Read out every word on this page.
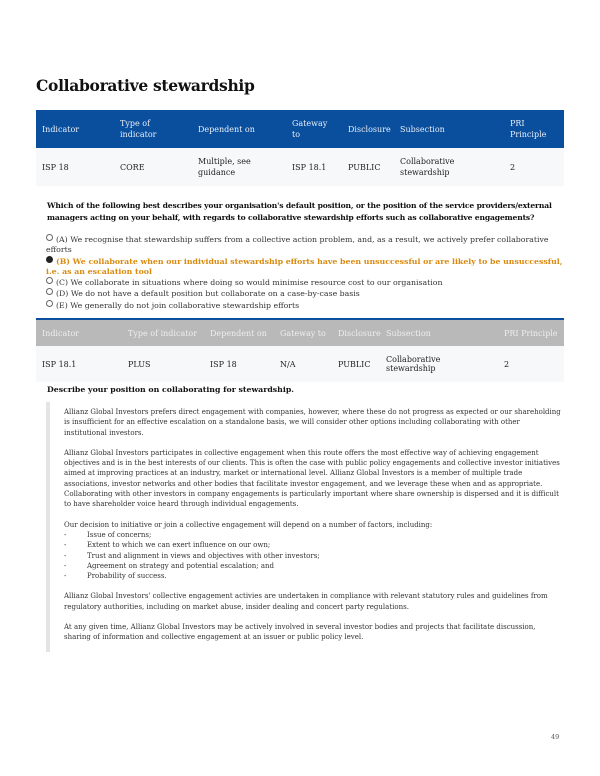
Collaborative stewardship
Indicator	Type of indicator	Dependent on	Gateway to	Disclosure	Subsection	PRI Principle
ISP 18	CORE	Multiple, see guidance	ISP 18.1	PUBLIC	Collaborative stewardship	2
Which of the following best describes your organisation's default position, or the position of the service providers/external managers acting on your behalf, with regards to collaborative stewardship efforts such as collaborative engagements?
(A) We recognise that stewardship suffers from a collective action problem, and, as a result, we actively prefer collaborative efforts
(B) We collaborate when our individual stewardship efforts have been unsuccessful or are likely to be unsuccessful, i.e. as an escalation tool
(C) We collaborate in situations where doing so would minimise resource cost to our organisation
(D) We do not have a default position but collaborate on a case-by-case basis
(E) We generally do not join collaborative stewardship efforts
Indicator	Type of indicator	Dependent on	Gateway to	Disclosure	Subsection	PRI Principle
ISP 18.1	PLUS	ISP 18	N/A	PUBLIC	Collaborative stewardship	2
Describe your position on collaborating for stewardship.

Allianz Global Investors prefers direct engagement with companies, however, where these do not progress as expected or our shareholding is insufficient for an effective escalation on a standalone basis, we will consider other options including collaborating with other institutional investors.

Allianz Global Investors participates in collective engagement when this route offers the most effective way of achieving engagement objectives and is in the best interests of our clients. This is often the case with public policy engagements and collective investor initiatives aimed at improving practices at an industry, market or international level. Allianz Global Investors is a member of multiple trade associations, investor networks and other bodies that facilitate investor engagement, and we leverage these when and as appropriate. Collaborating with other investors in company engagements is particularly important where share ownership is dispersed and it is difficult to have shareholder voice heard through individual engagements.

Our decision to initiative or join a collective engagement will depend on a number of factors, including:

-	Issue of concerns;
-	Extent to which we can exert influence on our own;
-	Trust and alignment in views and objectives with other investors;
-	Agreement on strategy and potential escalation; and
-	Probability of success.

Allianz Global Investors' collective engagement activies are undertaken in compliance with relevant statutory rules and guidelines from regulatory authorities, including on market abuse, insider dealing and concert party regulations.

At any given time, Allianz Global Investors may be actively involved in several investor bodies and projects that facilitate discussion, sharing of information and collective engagement at an issuer or public policy level.

49
